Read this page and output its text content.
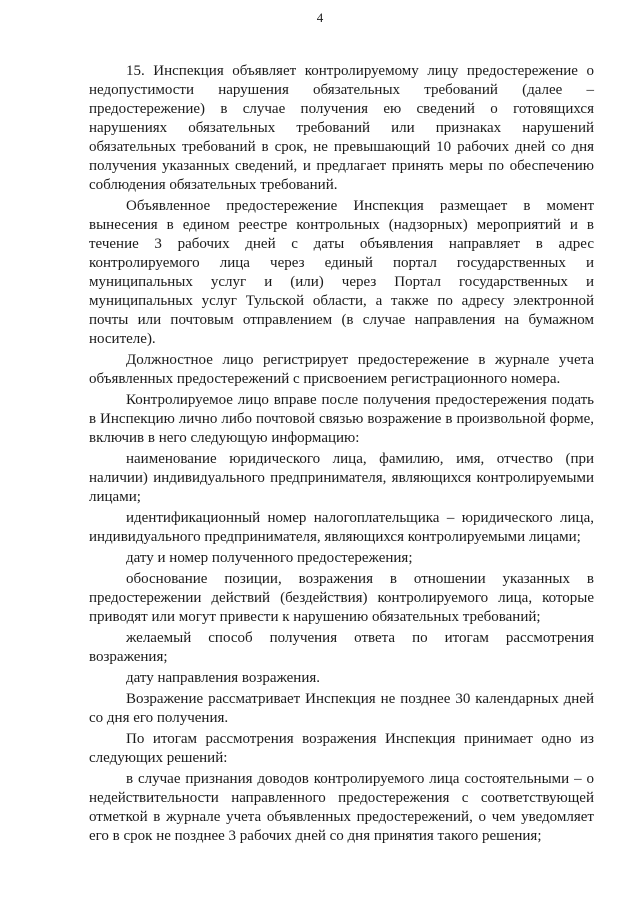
4

15. Инспекция объявляет контролируемому лицу предостережение о недопустимости нарушения обязательных требований (далее – предостережение) в случае получения ею сведений о готовящихся нарушениях обязательных требований или признаках нарушений обязательных требований в срок, не превышающий 10 рабочих дней со дня получения указанных сведений, и предлагает принять меры по обеспечению соблюдения обязательных требований.

Объявленное предостережение Инспекция размещает в момент вынесения в едином реестре контрольных (надзорных) мероприятий и в течение 3 рабочих дней с даты объявления направляет в адрес контролируемого лица через единый портал государственных и муниципальных услуг и (или) через Портал государственных и муниципальных услуг Тульской области, а также по адресу электронной почты или почтовым отправлением (в случае направления на бумажном носителе).

Должностное лицо регистрирует предостережение в журнале учета объявленных предостережений с присвоением регистрационного номера.

Контролируемое лицо вправе после получения предостережения подать в Инспекцию лично либо почтовой связью возражение в произвольной форме, включив в него следующую информацию:

наименование юридического лица, фамилию, имя, отчество (при наличии) индивидуального предпринимателя, являющихся контролируемыми лицами;

идентификационный номер налогоплательщика – юридического лица, индивидуального предпринимателя, являющихся контролируемыми лицами;

дату и номер полученного предостережения;

обоснование позиции, возражения в отношении указанных в предостережении действий (бездействия) контролируемого лица, которые приводят или могут привести к нарушению обязательных требований;

желаемый способ получения ответа по итогам рассмотрения возражения;

дату направления возражения.

Возражение рассматривает Инспекция не позднее 30 календарных дней со дня его получения.

По итогам рассмотрения возражения Инспекция принимает одно из следующих решений:

в случае признания доводов контролируемого лица состоятельными – о недействительности направленного предостережения с соответствующей отметкой в журнале учета объявленных предостережений, о чем уведомляет его в срок не позднее 3 рабочих дней со дня принятия такого решения;
